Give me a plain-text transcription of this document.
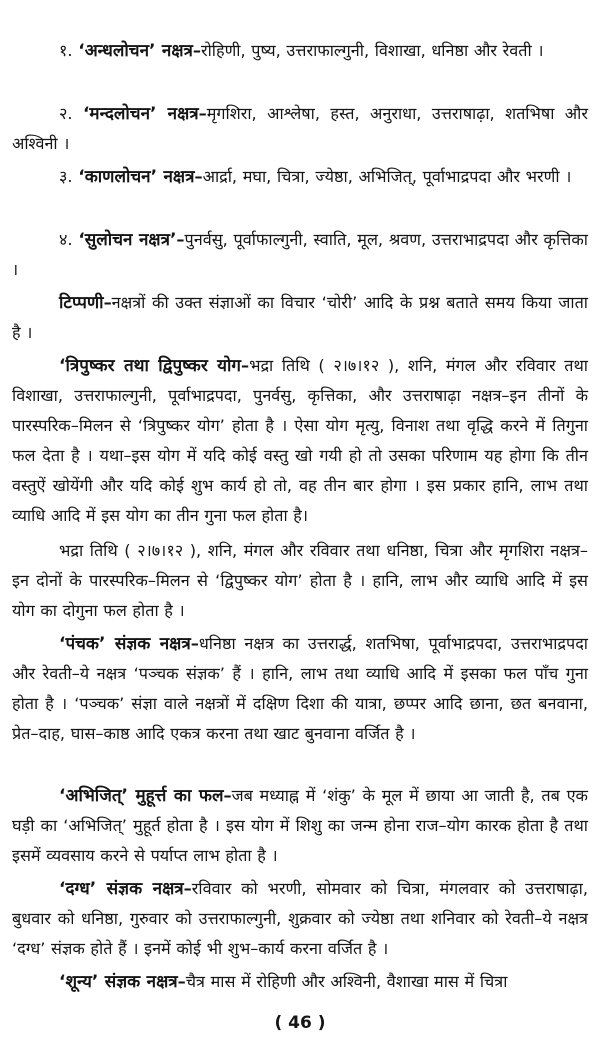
१. ‘अन्धलोचन’ नक्षत्र–रोहिणी, पुष्य, उत्तराफाल्गुनी, विशाखा, धनिष्ठा और रेवती ।

२. ‘मन्दलोचन’ नक्षत्र–मृगशिरा, आश्लेषा, हस्त, अनुराधा, उत्तराषाढ़ा, शतभिषा और अश्विनी ।

३. ‘काणलोचन’ नक्षत्र–आर्द्रा, मघा, चित्रा, ज्येष्ठा, अभिजित्, पूर्वाभाद्रपदा और भरणी ।

४. ‘सुलोचन नक्षत्र’–पुनर्वसु, पूर्वाफाल्गुनी, स्वाति, मूल, श्रवण, उत्तराभाद्रपदा और कृत्तिका ।

टिप्पणी–नक्षत्रों की उक्त संज्ञाओं का विचार ‘चोरी’ आदि के प्रश्न बताते समय किया जाता है ।

‘त्रिपुष्कर तथा द्विपुष्कर योग–भद्रा तिथि ( २।७।१२ ), शनि, मंगल और रविवार तथा विशाखा, उत्तराफाल्गुनी, पूर्वाभाद्रपदा, पुनर्वसु, कृत्तिका, और उत्तराषाढ़ा नक्षत्र–इन तीनों के पारस्परिक–मिलन से ‘त्रिपुष्कर योग’ होता है । ऐसा योग मृत्यु, विनाश तथा वृद्धि करने में तिगुना फल देता है । यथा–इस योग में यदि कोई वस्तु खो गयी हो तो उसका परिणाम यह होगा कि तीन वस्तुऐं खोयेंगी और यदि कोई शुभ कार्य हो तो, वह तीन बार होगा । इस प्रकार हानि, लाभ तथा व्याधि आदि में इस योग का तीन गुना फल होता है।

भद्रा तिथि ( २।७।१२ ), शनि, मंगल और रविवार तथा धनिष्ठा, चित्रा और मृगशिरा नक्षत्र–इन दोनों के पारस्परिक–मिलन से ‘द्विपुष्कर योग’ होता है । हानि, लाभ और व्याधि आदि में इस योग का दोगुना फल होता है ।

‘पंचक’ संज्ञक नक्षत्र–धनिष्ठा नक्षत्र का उत्तरार्द्ध, शतभिषा, पूर्वाभाद्रपदा, उत्तराभाद्रपदा और रेवती–ये नक्षत्र ‘पञ्चक संज्ञक’ हैं । हानि, लाभ तथा व्याधि आदि में इसका फल पाँच गुना होता है । ‘पञ्चक’ संज्ञा वाले नक्षत्रों में दक्षिण दिशा की यात्रा, छप्पर आदि छाना, छत बनवाना, प्रेत–दाह, घास–काष्ठ आदि एकत्र करना तथा खाट बुनवाना वर्जित है ।

‘अभिजित्’ मुहूर्त्त का फल–जब मध्याह्न में ‘शंकु’ के मूल में छाया आ जाती है, तब एक घड़ी का ‘अभिजित्’ मुहूर्त होता है । इस योग में शिशु का जन्म होना राज–योग कारक होता है तथा इसमें व्यवसाय करने से पर्याप्त लाभ होता है ।

‘दग्ध’ संज्ञक नक्षत्र–रविवार को भरणी, सोमवार को चित्रा, मंगलवार को उत्तराषाढ़ा, बुधवार को धनिष्ठा, गुरुवार को उत्तराफाल्गुनी, शुक्रवार को ज्येष्ठा तथा शनिवार को रेवती–ये नक्षत्र ‘दग्ध’ संज्ञक होते हैं । इनमें कोई भी शुभ–कार्य करना वर्जित है ।

‘शून्य’ संज्ञक नक्षत्र–चैत्र मास में रोहिणी और अश्विनी, वैशाखा मास में चित्रा

( 46 )
